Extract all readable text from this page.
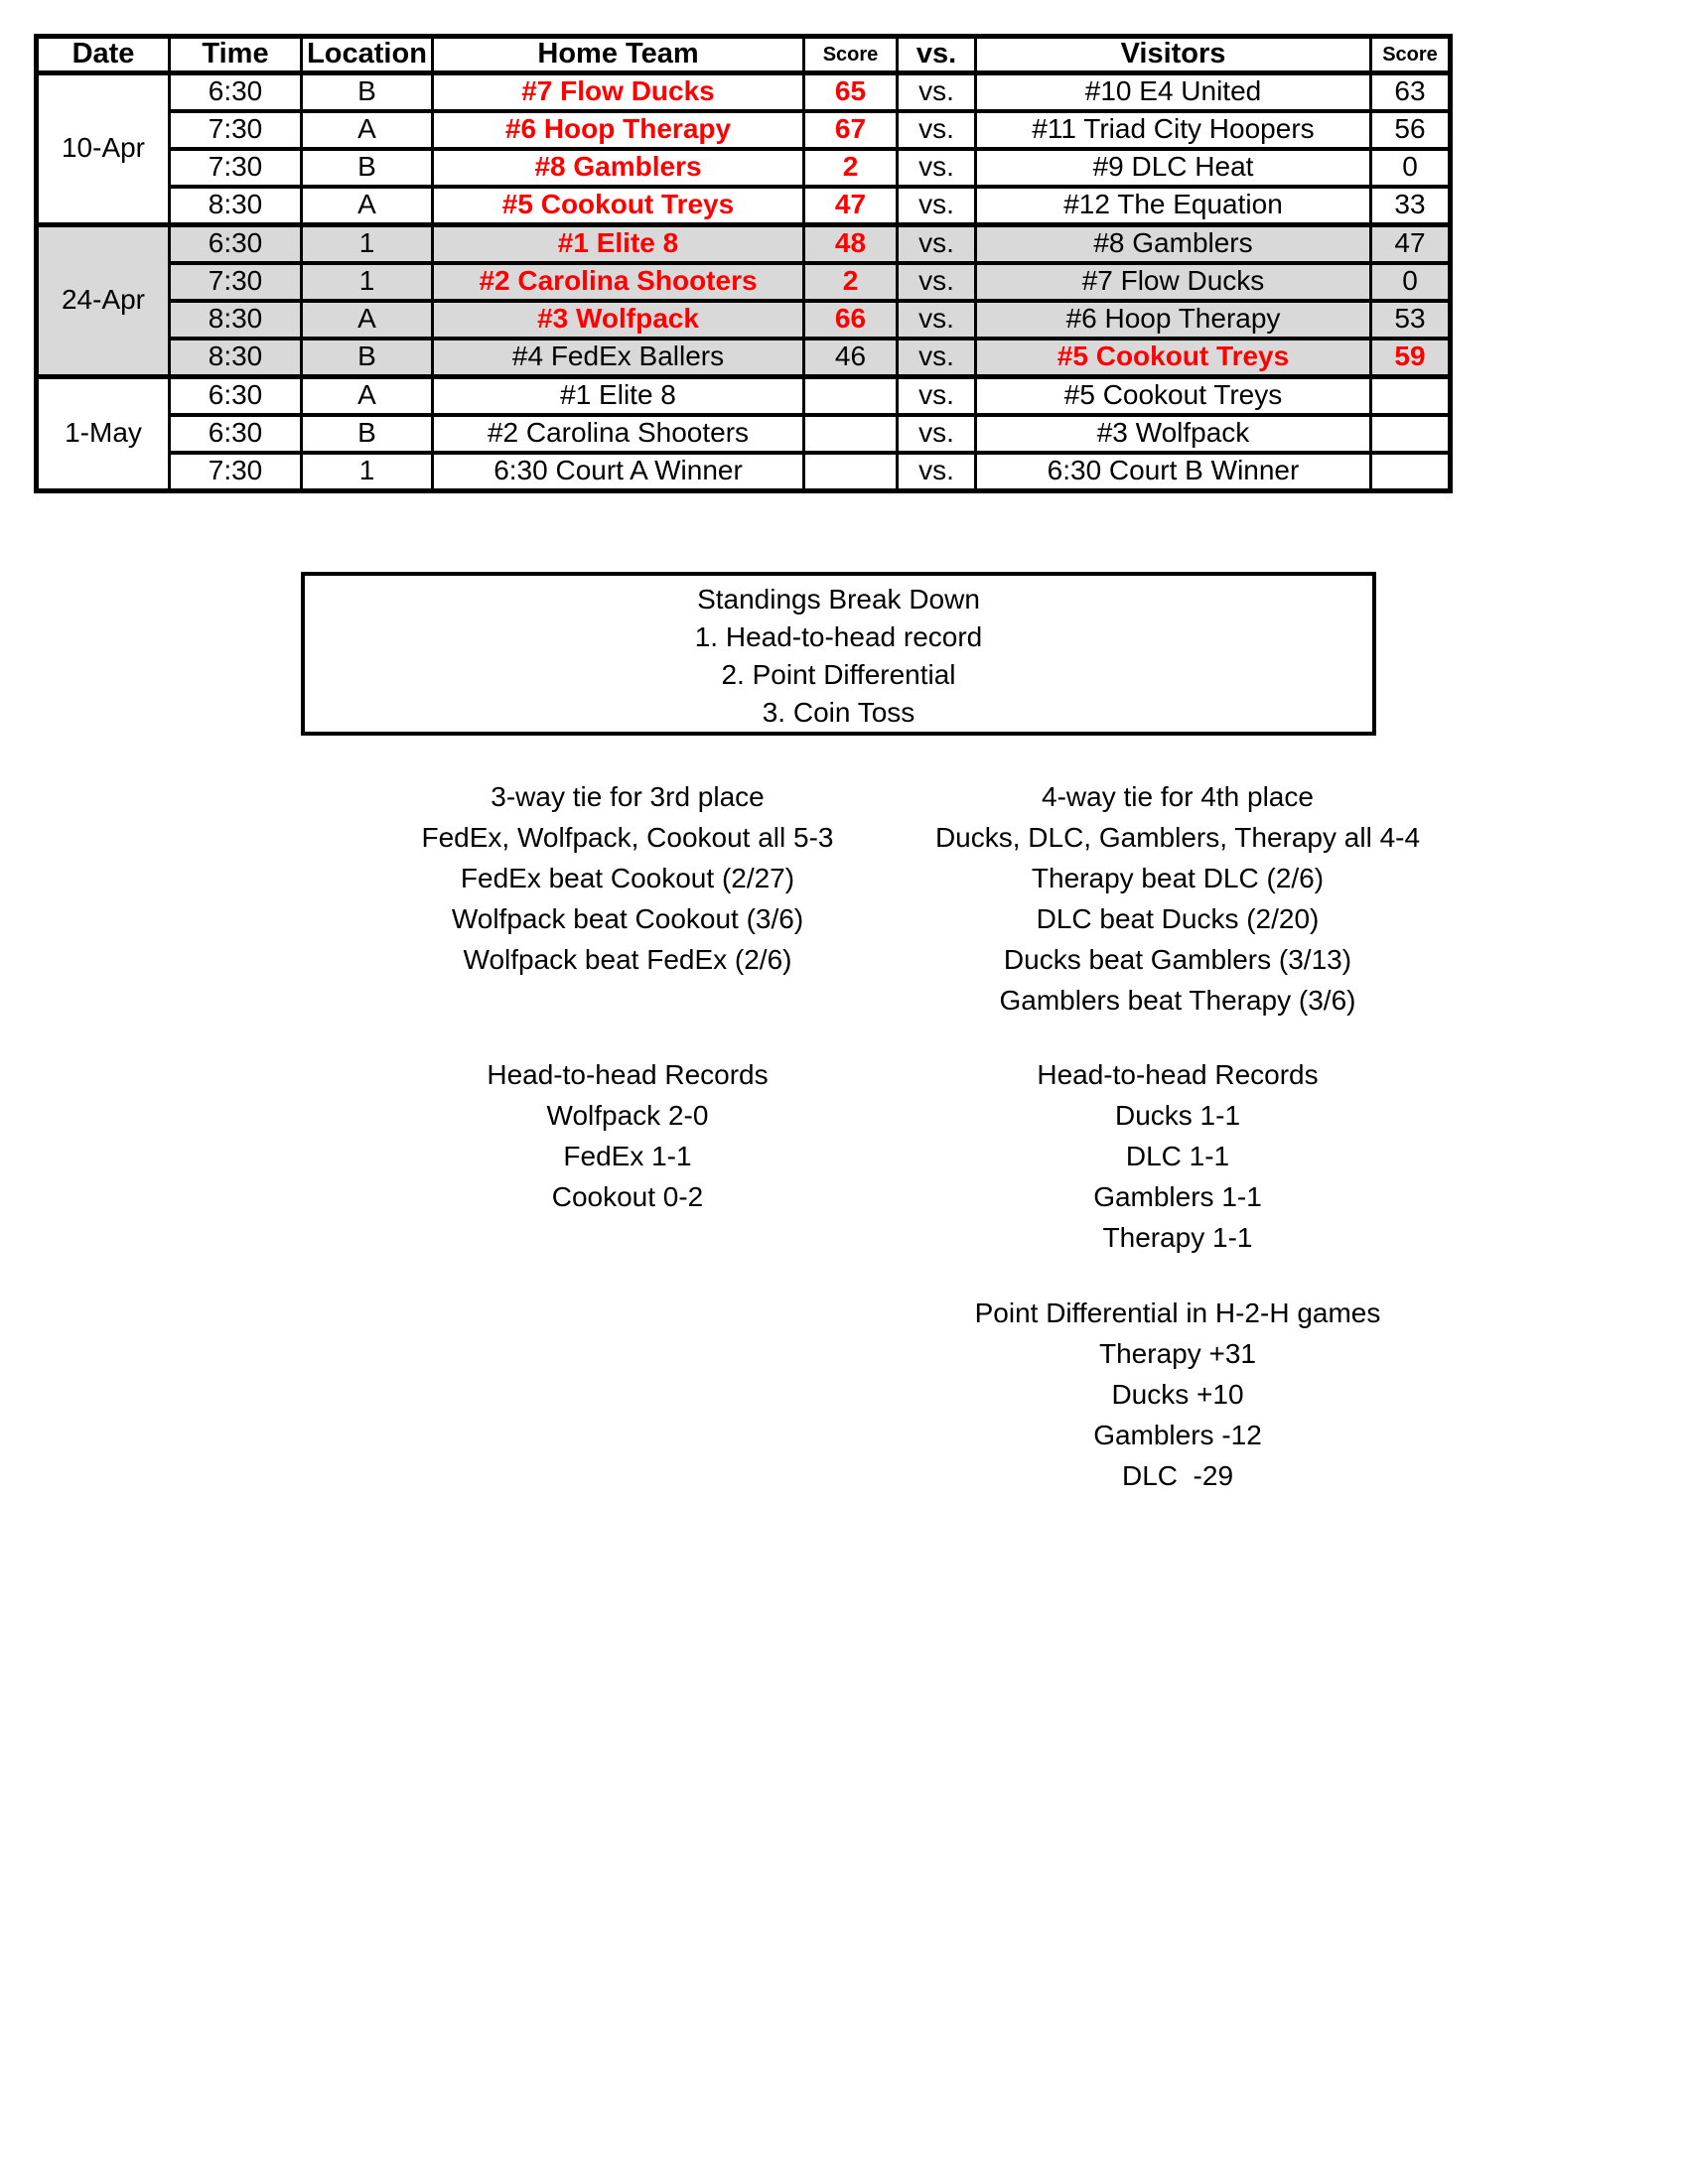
Date	Time	Location	Home Team	Score	vs.	Visitors	Score
10-Apr	6:30	B	#7 Flow Ducks	65	vs.	#10 E4 United	63
	7:30	A	#6 Hoop Therapy	67	vs.	#11 Triad City Hoopers	56
	7:30	B	#8 Gamblers	2	vs.	#9 DLC Heat	0
	8:30	A	#5 Cookout Treys	47	vs.	#12 The Equation	33
24-Apr	6:30	1	#1 Elite 8	48	vs.	#8 Gamblers	47
	7:30	1	#2 Carolina Shooters	2	vs.	#7 Flow Ducks	0
	8:30	A	#3 Wolfpack	66	vs.	#6 Hoop Therapy	53
	8:30	B	#4 FedEx Ballers	46	vs.	#5 Cookout Treys	59
1-May	6:30	A	#1 Elite 8		vs.	#5 Cookout Treys	
	6:30	B	#2 Carolina Shooters		vs.	#3 Wolfpack	
	7:30	1	6:30 Court A Winner		vs.	6:30 Court B Winner	
Standings Break Down
1. Head-to-head record
2. Point Differential
3. Coin Toss
3-way tie for 3rd place
FedEx, Wolfpack, Cookout all 5-3
FedEx beat Cookout (2/27)
Wolfpack beat Cookout (3/6)
Wolfpack beat FedEx (2/6)
4-way tie for 4th place
Ducks, DLC, Gamblers, Therapy all 4-4
Therapy beat DLC (2/6)
DLC beat Ducks (2/20)
Ducks beat Gamblers (3/13)
Gamblers beat Therapy (3/6)
Head-to-head Records
Wolfpack 2-0
FedEx 1-1
Cookout 0-2
Head-to-head Records
Ducks 1-1
DLC 1-1
Gamblers 1-1
Therapy 1-1
Point Differential in H-2-H games
Therapy +31
Ducks +10
Gamblers -12
DLC  -29
